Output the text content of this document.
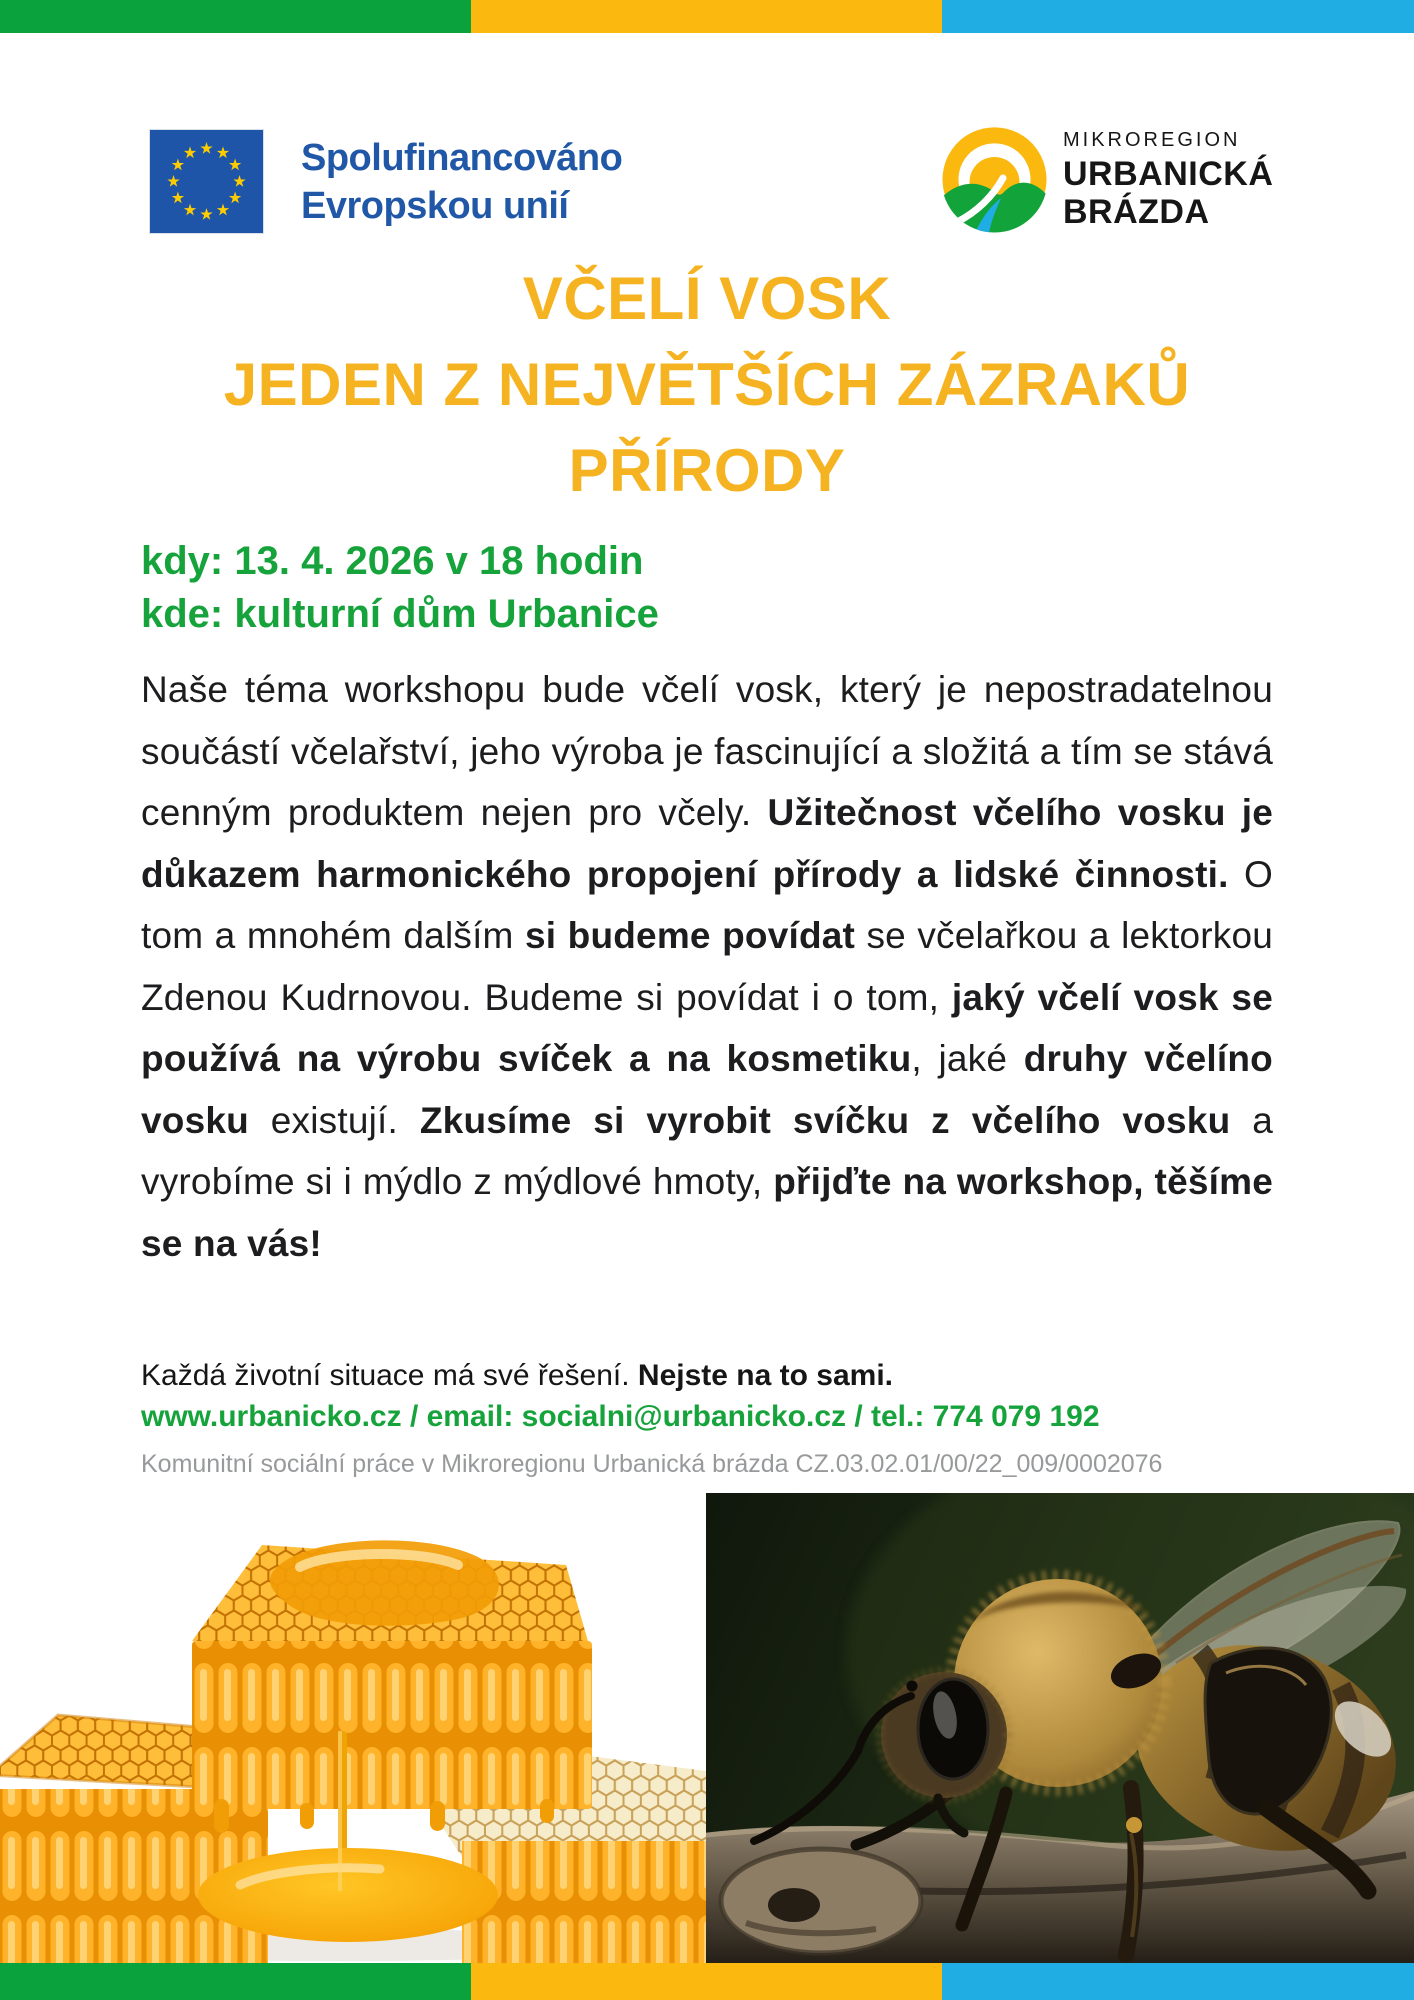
Spolufinancováno
Evropskou unií
MIKROREGION
URBANICKÁ
BRÁZDA
VČELÍ VOSK
JEDEN Z NEJVĚTŠÍCH ZÁZRAKŮ
PŘÍRODY
kdy: 13. 4. 2026 v 18 hodin
kde: kulturní dům Urbanice

Naše téma workshopu bude včelí vosk, který je nepostradatelnou součástí včelařství, jeho výroba je fascinující a složitá a tím se stává cenným produktem nejen pro včely. Užitečnost včelího vosku je důkazem harmonického propojení přírody a lidské činnosti. O tom a mnohém dalším si budeme povídat se včelařkou a lektorkou Zdenou Kudrnovou. Budeme si povídat i o tom, jaký včelí vosk se používá na výrobu svíček a na kosmetiku, jaké druhy včelíno vosku existují. Zkusíme si vyrobit svíčku z včelího vosku a vyrobíme si i mýdlo z mýdlové hmoty, přijďte na workshop, těšíme se na vás!

Každá životní situace má své řešení. Nejste na to sami.
www.urbanicko.cz / email: socialni@urbanicko.cz / tel.: 774 079 192
Komunitní sociální práce v Mikroregionu Urbanická brázda CZ.03.02.01/00/22_009/0002076
